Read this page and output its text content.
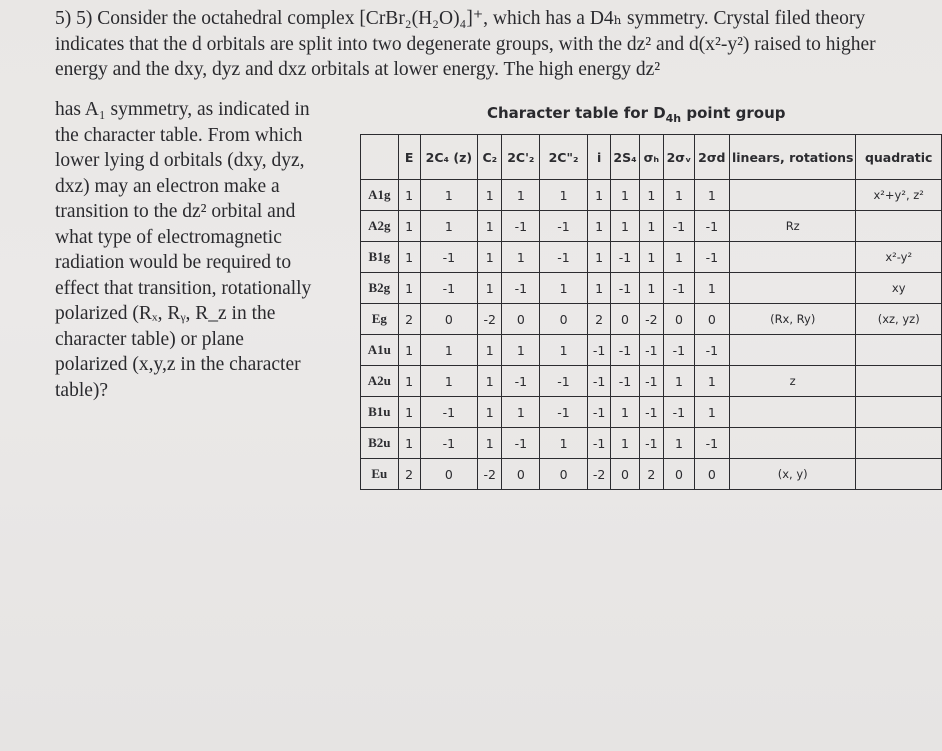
5) 5) Consider the octahedral complex [CrBr₂(H₂O)₄]⁺, which has a D4ₕ symmetry. Crystal filed theory indicates that the d orbitals are split into two degenerate groups, with the dz² and d(x²-y²) raised to higher energy and the dxy, dyz and dxz orbitals at lower energy. The high energy dz²
has A₁ symmetry, as indicated in the character table. From which lower lying d orbitals (dxy, dyz, dxz) may an electron make a transition to the dz² orbital and what type of electromagnetic radiation would be required to effect that transition, rotationally polarized (Rₓ, Rᵧ, R_z in the character table) or plane polarized (x,y,z in the character table)?
Character table for $D_{4h}$ point group
	E	2C₄ (z)	C₂	2C'₂	2C"₂	i	2S₄	σₕ	2σᵥ	2σd	linears, rotations	quadratic
A1g	1	1	1	1	1	1	1	1	1	1		x²+y², z²
A2g	1	1	1	-1	-1	1	1	1	-1	-1	Rz	
B1g	1	-1	1	1	-1	1	-1	1	1	-1		x²-y²
B2g	1	-1	1	-1	1	1	-1	1	-1	1		xy
Eg	2	0	-2	0	0	2	0	-2	0	0	(Rx, Ry)	(xz, yz)
A1u	1	1	1	1	1	-1	-1	-1	-1	-1		
A2u	1	1	1	-1	-1	-1	-1	-1	1	1	z	
B1u	1	-1	1	1	-1	-1	1	-1	-1	1		
B2u	1	-1	1	-1	1	-1	1	-1	1	-1		
Eu	2	0	-2	0	0	-2	0	2	0	0	(x, y)	
